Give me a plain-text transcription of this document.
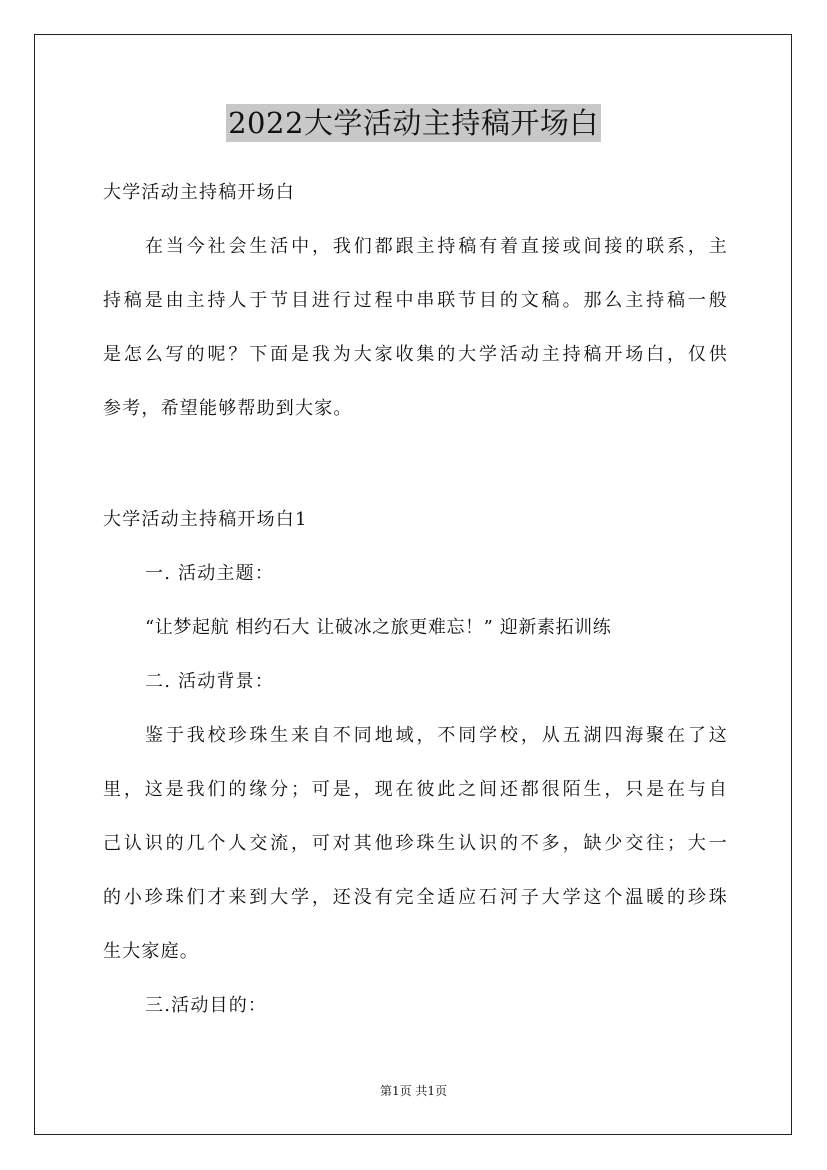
2022大学活动主持稿开场白

大学活动主持稿开场白

在当今社会生活中，我们都跟主持稿有着直接或间接的联系，主
持稿是由主持人于节目进行过程中串联节目的文稿。那么主持稿一般
是怎么写的呢？下面是我为大家收集的大学活动主持稿开场白，仅供
参考，希望能够帮助到大家。

大学活动主持稿开场白1

一. 活动主题：

“让梦起航 相约石大 让破冰之旅更难忘！” 迎新素拓训练

二. 活动背景：

鉴于我校珍珠生来自不同地域，不同学校，从五湖四海聚在了这
里，这是我们的缘分；可是，现在彼此之间还都很陌生，只是在与自
己认识的几个人交流，可对其他珍珠生认识的不多，缺少交往；大一
的小珍珠们才来到大学，还没有完全适应石河子大学这个温暖的珍珠
生大家庭。

三.活动目的：

第1页 共1页
